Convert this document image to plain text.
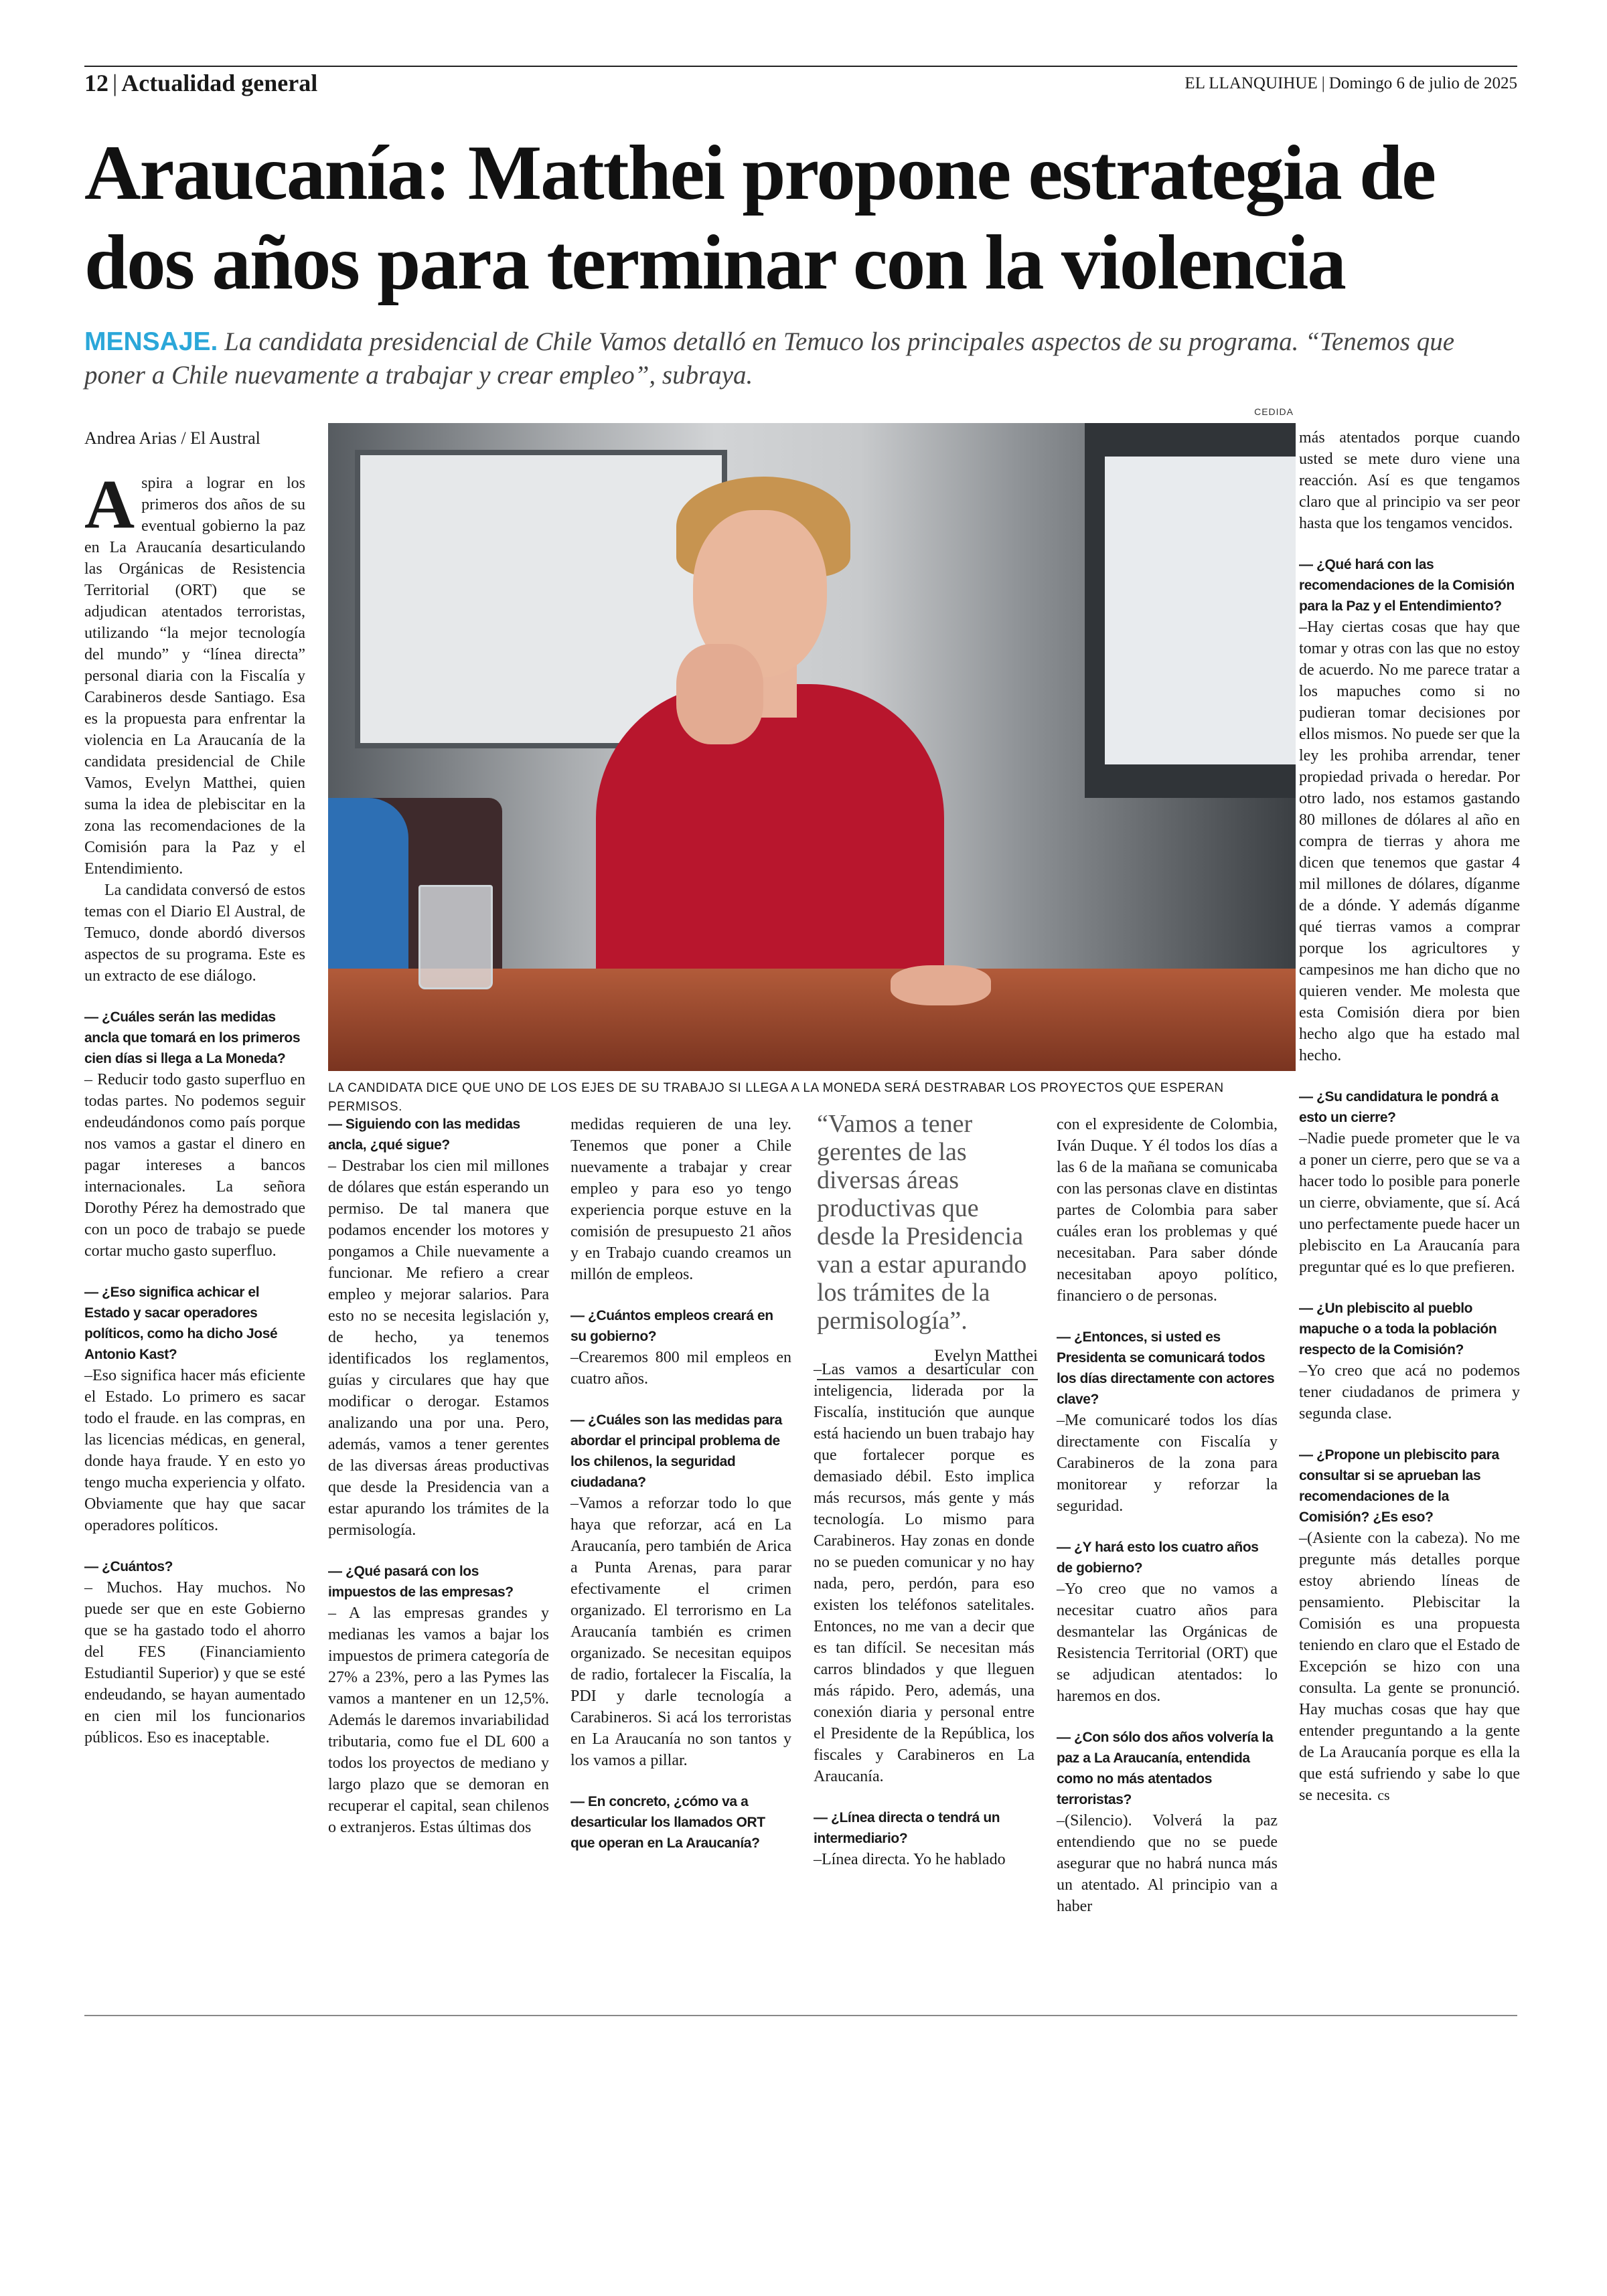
12 | Actualidad general	EL LLANQUIHUE | Domingo 6 de julio de 2025
Araucanía: Matthei propone estrategia de dos años para terminar con la violencia
MENSAJE. La candidata presidencial de Chile Vamos detalló en Temuco los principales aspectos de su programa. “Tenemos que poner a Chile nuevamente a trabajar y crear empleo”, subraya.
Andrea Arias / El Austral
CEDIDA
LA CANDIDATA DICE QUE UNO DE LOS EJES DE SU TRABAJO SI LLEGA A LA MONEDA SERÁ DESTRABAR LOS PROYECTOS QUE ESPERAN PERMISOS.

Aspira a lograr en los primeros dos años de su eventual gobierno la paz en La Araucanía desarticulando las Orgánicas de Resistencia Territorial (ORT) que se adjudican atentados terroristas, utilizando “la mejor tecnología del mundo” y “línea directa” personal diaria con la Fiscalía y Carabineros desde Santiago. Esa es la propuesta para enfrentar la violencia en La Araucanía de la candidata presidencial de Chile Vamos, Evelyn Matthei, quien suma la idea de plebiscitar en la zona las recomendaciones de la Comisión para la Paz y el Entendimiento.

La candidata conversó de estos temas con el Diario El Austral, de Temuco, donde abordó diversos aspectos de su programa. Este es un extracto de ese diálogo.

— ¿Cuáles serán las medidas ancla que tomará en los primeros cien días si llega a La Moneda?

– Reducir todo gasto superfluo en todas partes. No podemos seguir endeudándonos como país porque nos vamos a gastar el dinero en pagar intereses a bancos internacionales. La señora Dorothy Pérez ha demostrado que con un poco de trabajo se puede cortar mucho gasto superfluo.

— ¿Eso significa achicar el Estado y sacar operadores políticos, como ha dicho José Antonio Kast?

–Eso significa hacer más eficiente el Estado. Lo primero es sacar todo el fraude. en las compras, en las licencias médicas, en general, donde haya fraude. Y en esto yo tengo mucha experiencia y olfato. Obviamente que hay que sacar operadores políticos.

— ¿Cuántos?

– Muchos. Hay muchos. No puede ser que en este Gobierno que se ha gastado todo el ahorro del FES (Financiamiento Estudiantil Superior) y que se esté endeudando, se hayan aumentado en cien mil los funcionarios públicos. Eso es inaceptable.

— Siguiendo con las medidas ancla, ¿qué sigue?

– Destrabar los cien mil millones de dólares que están esperando un permiso. De tal manera que podamos encender los motores y pongamos a Chile nuevamente a funcionar. Me refiero a crear empleo y mejorar salarios. Para esto no se necesita legislación y, de hecho, ya tenemos identificados los reglamentos, guías y circulares que hay que modificar o derogar. Estamos analizando una por una. Pero, además, vamos a tener gerentes de las diversas áreas productivas que desde la Presidencia van a estar apurando los trámites de la permisología.

— ¿Qué pasará con los impuestos de las empresas?

– A las empresas grandes y medianas les vamos a bajar los impuestos de primera categoría de 27% a 23%, pero a las Pymes las vamos a mantener en un 12,5%. Además le daremos invariabilidad tributaria, como fue el DL 600 a todos los proyectos de mediano y largo plazo que se demoran en recuperar el capital, sean chilenos o extranjeros. Estas últimas dos

medidas requieren de una ley. Tenemos que poner a Chile nuevamente a trabajar y crear empleo y para eso yo tengo experiencia porque estuve en la comisión de presupuesto 21 años y en Trabajo cuando creamos un millón de empleos.

— ¿Cuántos empleos creará en su gobierno?

–Crearemos 800 mil empleos en cuatro años.

— ¿Cuáles son las medidas para abordar el principal problema de los chilenos, la seguridad ciudadana?

–Vamos a reforzar todo lo que haya que reforzar, acá en La Araucanía, pero también de Arica a Punta Arenas, para parar efectivamente el crimen organizado. El terrorismo en La Araucanía también es crimen organizado. Se necesitan equipos de radio, fortalecer la Fiscalía, la PDI y darle tecnología a Carabineros. Si acá los terroristas en La Araucanía no son tantos y los vamos a pillar.

— En concreto, ¿cómo va a desarticular los llamados ORT que operan en La Araucanía?

“Vamos a tener gerentes de las diversas áreas productivas que desde la Presidencia van a estar apurando los trámites de la permisología”.

Evelyn Matthei

–Las vamos a desarticular con inteligencia, liderada por la Fiscalía, institución que aunque está haciendo un buen trabajo hay que fortalecer porque es demasiado débil. Esto implica más recursos, más gente y más tecnología. Lo mismo para Carabineros. Hay zonas en donde no se pueden comunicar y no hay nada, pero, perdón, para eso existen los teléfonos satelitales. Entonces, no me van a decir que es tan difícil. Se necesitan más carros blindados y que lleguen más rápido. Pero, además, una conexión diaria y personal entre el Presidente de la República, los fiscales y Carabineros en La Araucanía.

— ¿Línea directa o tendrá un intermediario?

–Línea directa. Yo he hablado

con el expresidente de Colombia, Iván Duque. Y él todos los días a las 6 de la mañana se comunicaba con las personas clave en distintas partes de Colombia para saber cuáles eran los problemas y qué necesitaban. Para saber dónde necesitaban apoyo político, financiero o de personas.

— ¿Entonces, si usted es Presidenta se comunicará todos los días directamente con actores clave?

–Me comunicaré todos los días directamente con Fiscalía y Carabineros de la zona para monitorear y reforzar la seguridad.

— ¿Y hará esto los cuatro años de gobierno?

–Yo creo que no vamos a necesitar cuatro años para desmantelar las Orgánicas de Resistencia Territorial (ORT) que se adjudican atentados: lo haremos en dos.

— ¿Con sólo dos años volvería la paz a La Araucanía, entendida como no más atentados terroristas?

–(Silencio). Volverá la paz entendiendo que no se puede asegurar que no habrá nunca más un atentado. Al principio van a haber

más atentados porque cuando usted se mete duro viene una reacción. Así es que tengamos claro que al principio va ser peor hasta que los tengamos vencidos.

— ¿Qué hará con las recomendaciones de la Comisión para la Paz y el Entendimiento?

–Hay ciertas cosas que hay que tomar y otras con las que no estoy de acuerdo. No me parece tratar a los mapuches como si no pudieran tomar decisiones por ellos mismos. No puede ser que la ley les prohiba arrendar, tener propiedad privada o heredar. Por otro lado, nos estamos gastando 80 millones de dólares al año en compra de tierras y ahora me dicen que tenemos que gastar 4 mil millones de dólares, díganme de a dónde. Y además díganme qué tierras vamos a comprar porque los agricultores y campesinos me han dicho que no quieren vender. Me molesta que esta Comisión diera por bien hecho algo que ha estado mal hecho.

— ¿Su candidatura le pondrá a esto un cierre?

–Nadie puede prometer que le va a poner un cierre, pero que se va a hacer todo lo posible para ponerle un cierre, obviamente, que sí. Acá uno perfectamente puede hacer un plebiscito en La Araucanía para preguntar qué es lo que prefieren.

— ¿Un plebiscito al pueblo mapuche o a toda la población respecto de la Comisión?

–Yo creo que acá no podemos tener ciudadanos de primera y segunda clase.

— ¿Propone un plebiscito para consultar si se aprueban las recomendaciones de la Comisión? ¿Es eso?

–(Asiente con la cabeza). No me pregunte más detalles porque estoy abriendo líneas de pensamiento. Plebiscitar la Comisión es una propuesta teniendo en claro que el Estado de Excepción se hizo con una consulta. La gente se pronunció. Hay muchas cosas que hay que entender preguntando a la gente de La Araucanía porque es ella la que está sufriendo y sabe lo que se necesita. cs
